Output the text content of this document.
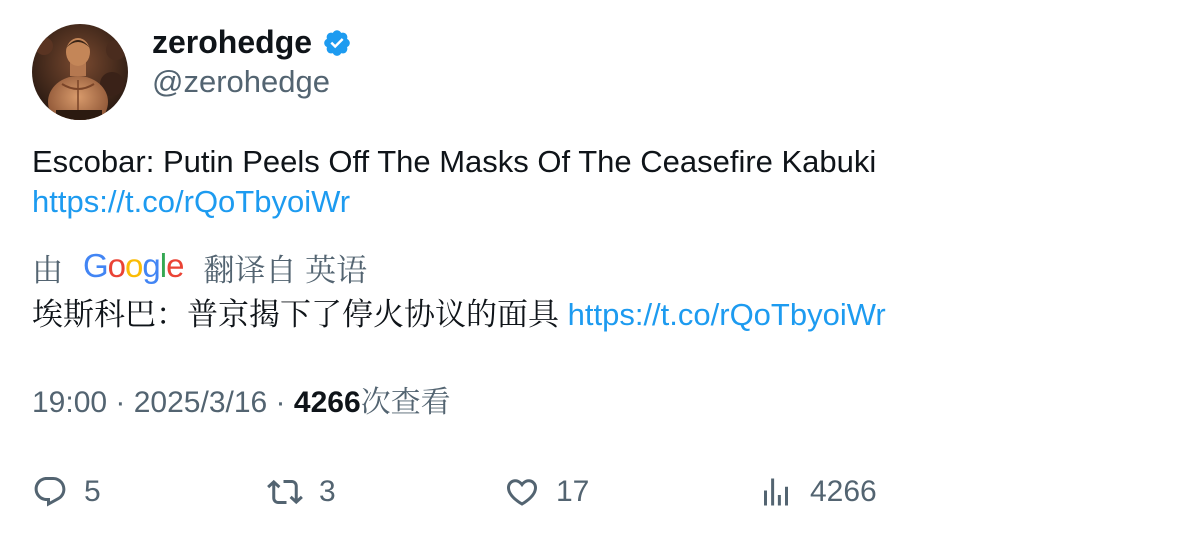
zerohedge
@zerohedge
Escobar: Putin Peels Off The Masks Of The Ceasefire Kabuki
https://t.co/rQoTbyoiWr
由 G o o g l e 翻译自 英语
埃斯科巴：普京揭下了停火协议的面具 https://t.co/rQoTbyoiWr
19:00 · 2025/3/16 · 4266次查看
5	3	17	4266
